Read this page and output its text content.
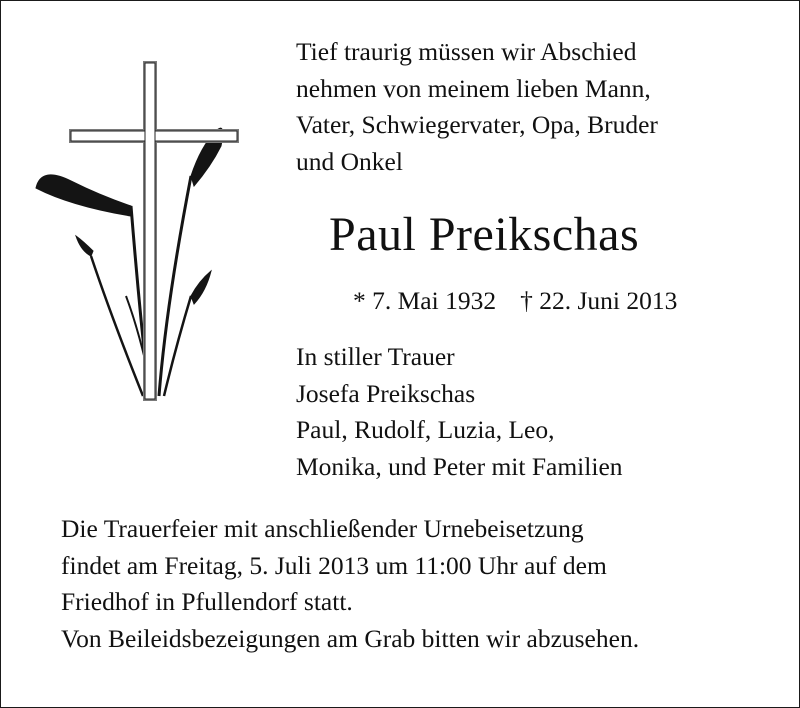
Tief traurig müssen wir Abschied
nehmen von meinem lieben Mann,
Vater, Schwiegervater, Opa, Bruder
und Onkel
Paul Preikschas
* 7. Mai 1932 † 22. Juni 2013
In stiller Trauer
Josefa Preikschas
Paul, Rudolf, Luzia, Leo,
Monika, und Peter mit Familien
Die Trauerfeier mit anschließender Urnebeisetzung
findet am Freitag, 5. Juli 2013 um 11:00 Uhr auf dem
Friedhof in Pfullendorf statt.
Von Beileidsbezeigungen am Grab bitten wir abzusehen.
